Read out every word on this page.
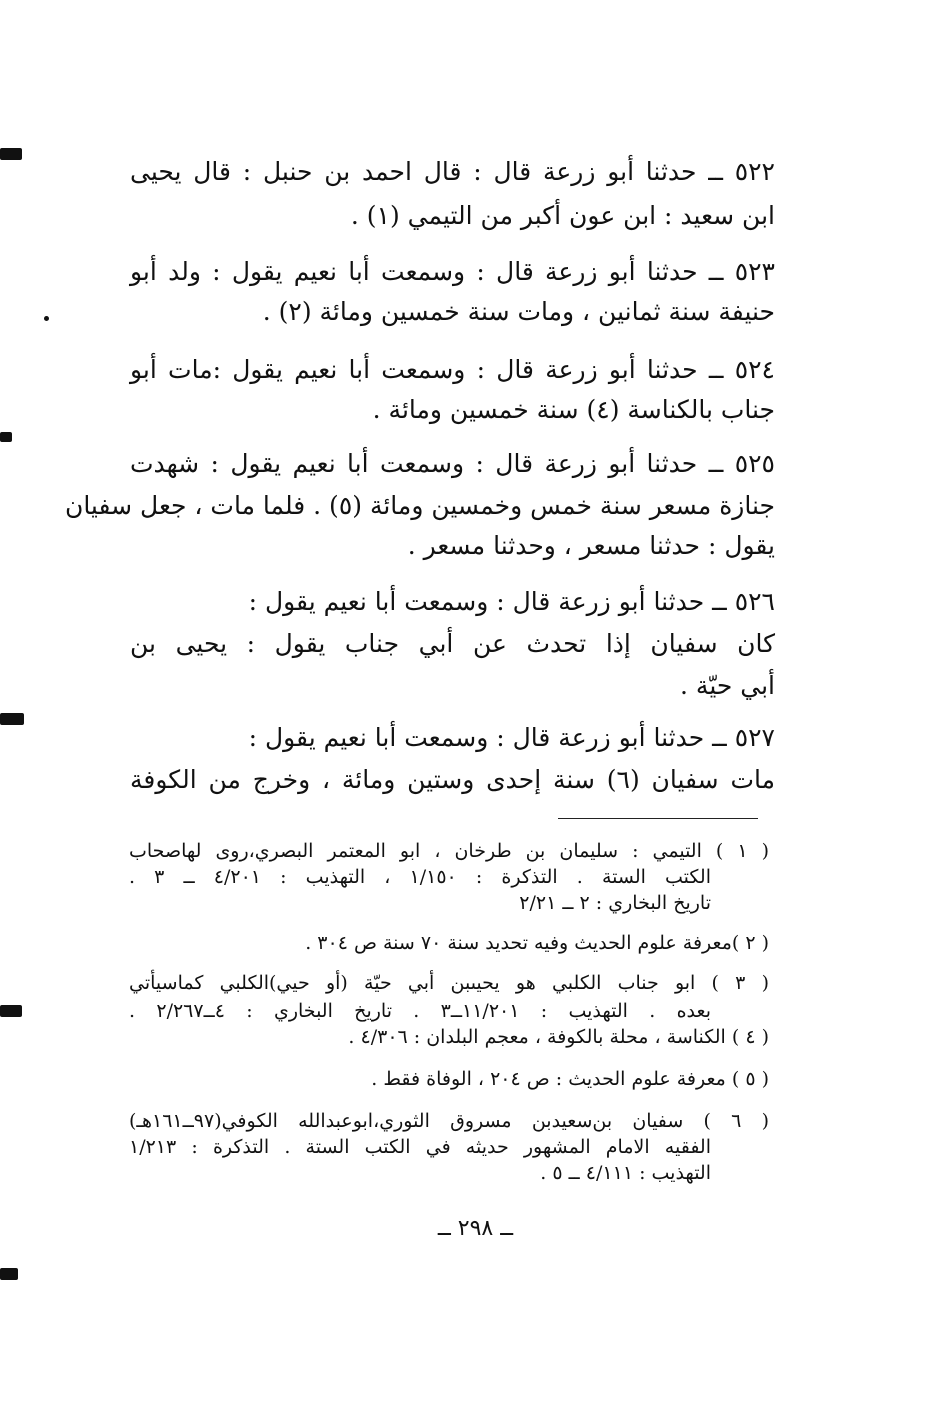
٥٢٢ ــ حدثنا أبو زرعة قال : قال احمد بن حنبل : قال يحيى
ابن سعيد : ابن عون أكبر من التيمي (١) .
٥٢٣ ــ حدثنا أبو زرعة قال : وسمعت أبا نعيم يقول : ولد أبو
حنيفة سنة ثمانين ، ومات سنة خمسين ومائة (٢) .
٥٢٤ ــ حدثنا أبو زرعة قال : وسمعت أبا نعيم يقول :مات أبو
جناب بالكناسة (٤) سنة خمسين ومائة .
٥٢٥ ــ حدثنا أبو زرعة قال : وسمعت أبا نعيم يقول : شهدت
جنازة مسعر سنة خمس وخمسين ومائة (٥) . فلما مات ، جعل سفيان
يقول : حدثنا مسعر ، وحدثنا مسعر .
٥٢٦ ــ حدثنا أبو زرعة قال : وسمعت أبا نعيم يقول :
كان سفيان إذا تحدث عن أبي جناب يقول : يحيى بن
أبي حيّة .
٥٢٧ ــ حدثنا أبو زرعة قال : وسمعت أبا نعيم يقول :
مات سفيان (٦) سنة إحدى وستين ومائة ، وخرج من الكوفة
( ١ ) التيمي : سليمان بن طرخان ، ابو المعتمر البصري،روى لهاصحاب
الكتب الستة . التذكرة : ١/١٥٠ ، التهذيب : ٤/٢٠١ ــ ٣ .
تاريخ البخاري : ٢ ــ ٢/٢١
( ٢ )معرفة علوم الحديث وفيه تحديد سنة ٧٠ سنة ص ٣٠٤ .
( ٣ ) ابو جناب الكلبي هو يحيىبن أبي حيّة (أو حيي)الكلبي كماسيأتي
بعده . التهذيب : ١١/٢٠١ــ٣ . تاريخ البخاري : ٤ــ٢/٢٦٧ .
( ٤ ) الكناسة ، محلة بالكوفة ، معجم البلدان : ٤/٣٠٦ .
( ٥ ) معرفة علوم الحديث : ص ٢٠٤ ، الوفاة فقط .
( ٦ ) سفيان بن‌سعيدبن مسروق الثوري،ابوعبدالله الكوفي(٩٧ــ١٦١هـ)
الفقيه الامام المشهور حديثه في الكتب الستة . التذكرة : ١/٢١٣
التهذيب : ٤/١١١ ــ ٥ .
ــ ٢٩٨ ــ
